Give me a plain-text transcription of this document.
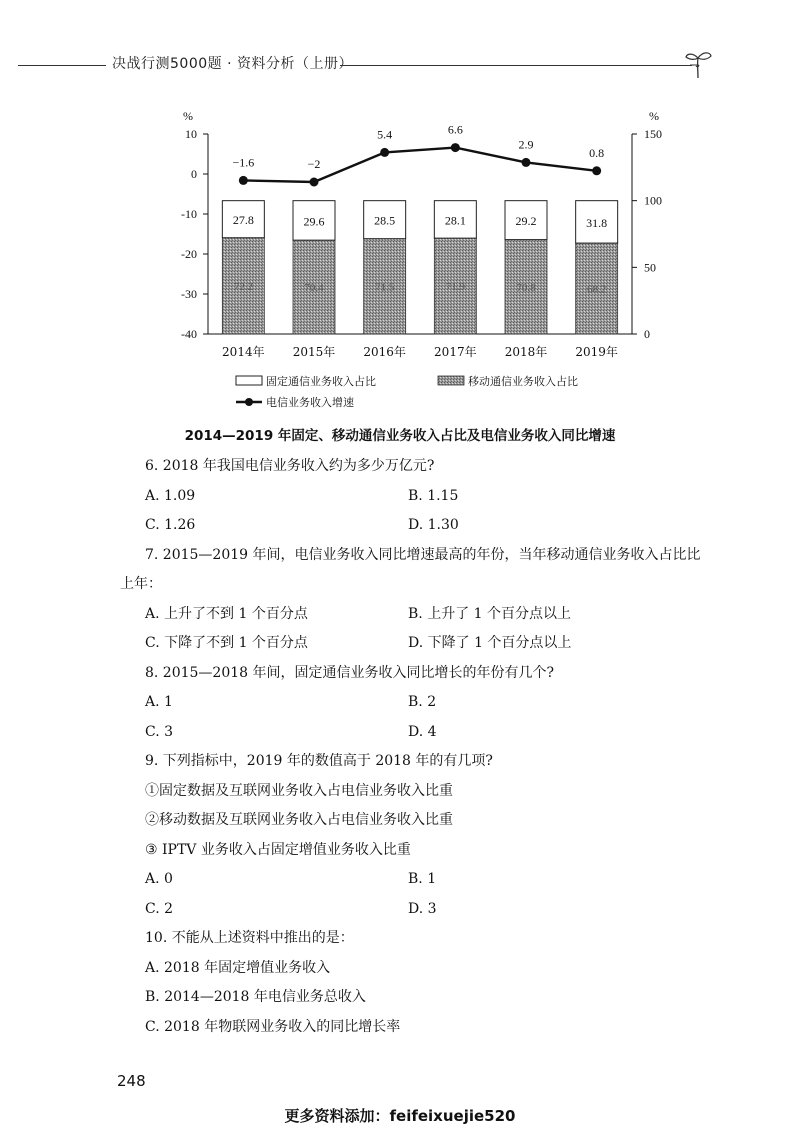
决战行测5000题 · 资料分析（上册）
%	%
10
0
-10
-20
-30
-40
150
100
50
0
2014年 2015年 2016年 2017年 2018年 2019年
27.8
72.2
29.6
70.4
28.5
71.5
28.1
71.9
29.2
70.8
31.8
68.2
−1.6	−2
5.4	6.6
2.9
0.8
固定通信业务收入占比	移动通信业务收入占比
电信业务收入增速
2014—2019 年固定、移动通信业务收入占比及电信业务收入同比增速

6. 2018 年我国电信业务收入约为多少万亿元?

A. 1.09	B. 1.15
C. 1.26	D. 1.30

7. 2015—2019 年间，电信业务收入同比增速最高的年份，当年移动通信业务收入占比比上年：

A. 上升了不到 1 个百分点	B. 上升了 1 个百分点以上
C. 下降了不到 1 个百分点	D. 下降了 1 个百分点以上

8. 2015—2018 年间，固定通信业务收入同比增长的年份有几个?

A. 1	B. 2
C. 3	D. 4

9. 下列指标中，2019 年的数值高于 2018 年的有几项?

①固定数据及互联网业务收入占电信业务收入比重

②移动数据及互联网业务收入占电信业务收入比重

③ IPTV 业务收入占固定增值业务收入比重

A. 0	B. 1
C. 2	D. 3

10. 不能从上述资料中推出的是：

A. 2018 年固定增值业务收入

B. 2014—2018 年电信业务总收入

C. 2018 年物联网业务收入的同比增长率

248
更多资料添加：feifeixuejie520
